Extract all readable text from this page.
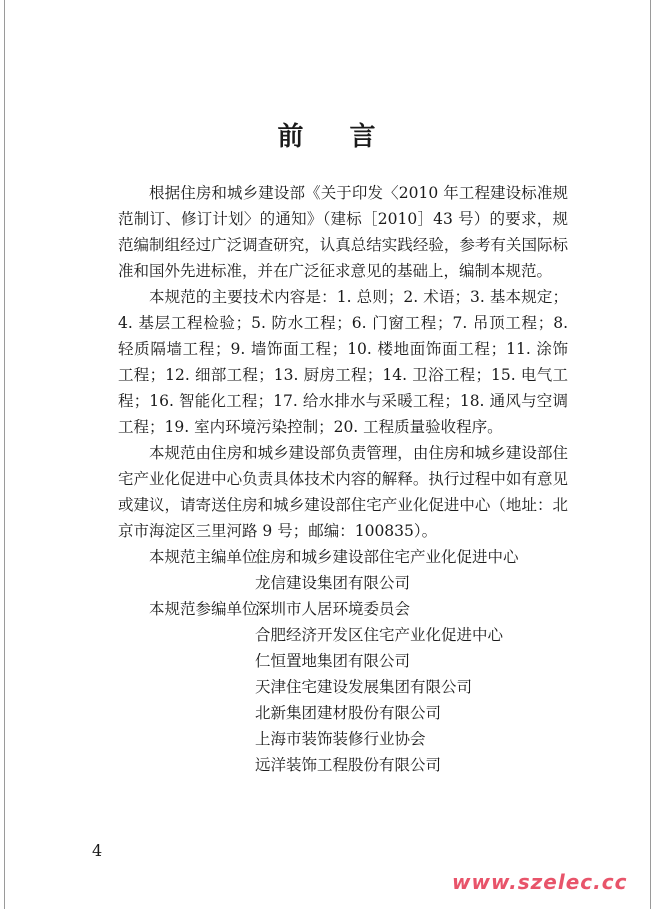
前 言

根据住房和城乡建设部《关于印发〈2010 年工程建设标准规范制订、修订计划〉的通知》（建标［2010］43 号）的要求，规范编制组经过广泛调查研究，认真总结实践经验，参考有关国际标准和国外先进标准，并在广泛征求意见的基础上，编制本规范。

本规范的主要技术内容是：1. 总则；2. 术语；3. 基本规定；4. 基层工程检验；5. 防水工程；6. 门窗工程；7. 吊顶工程；8. 轻质隔墙工程；9. 墙饰面工程；10. 楼地面饰面工程；11. 涂饰工程；12. 细部工程；13. 厨房工程；14. 卫浴工程；15. 电气工程；16. 智能化工程；17. 给水排水与采暖工程；18. 通风与空调工程；19. 室内环境污染控制；20. 工程质量验收程序。

本规范由住房和城乡建设部负责管理，由住房和城乡建设部住宅产业化促进中心负责具体技术内容的解释。执行过程中如有意见或建议，请寄送住房和城乡建设部住宅产业化促进中心（地址：北京市海淀区三里河路 9 号；邮编：100835）。

本规范主编单位：住房和城乡建设部住宅产业化促进中心
龙信建设集团有限公司
本规范参编单位：深圳市人居环境委员会
合肥经济开发区住宅产业化促进中心
仁恒置地集团有限公司
天津住宅建设发展集团有限公司
北新集团建材股份有限公司
上海市装饰装修行业协会
远洋装饰工程股份有限公司
4
www.szelec.cc
